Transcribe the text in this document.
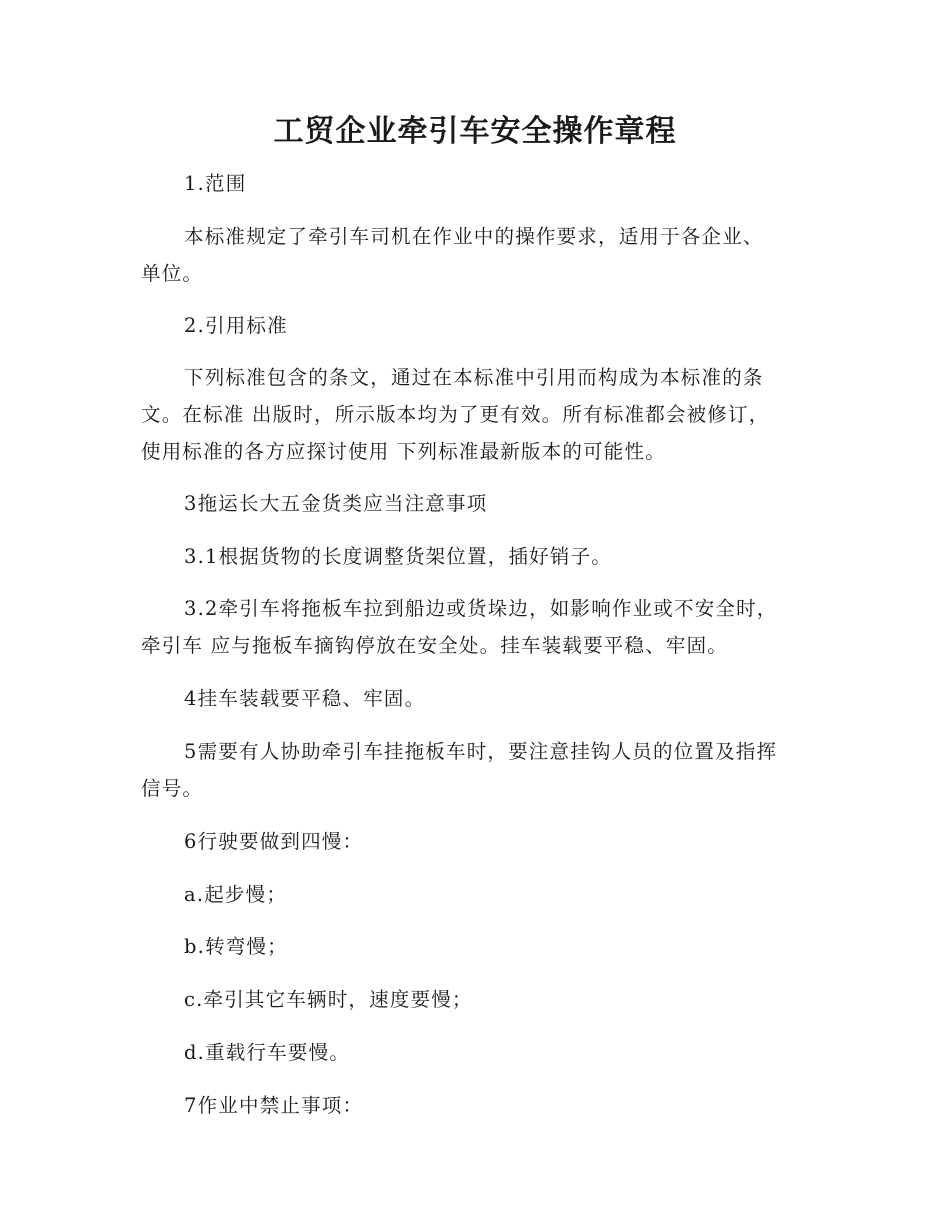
工贸企业牵引车安全操作章程

1.范围

本标准规定了牵引车司机在作业中的操作要求，适用于各企业、
单位。

2.引用标准

下列标准包含的条文，通过在本标准中引用而构成为本标准的条
文。在标准 出版时，所示版本均为了更有效。所有标准都会被修订，
使用标准的各方应探讨使用 下列标准最新版本的可能性。

3拖运长大五金货类应当注意事项

3.1根据货物的长度调整货架位置，插好销子。

3.2牵引车将拖板车拉到船边或货垛边，如影响作业或不安全时，
牵引车 应与拖板车摘钩停放在安全处。挂车装载要平稳、牢固。

4挂车装载要平稳、牢固。

5需要有人协助牵引车挂拖板车时，要注意挂钩人员的位置及指挥
信号。

6行驶要做到四慢：

a.起步慢；

b.转弯慢；

c.牵引其它车辆时，速度要慢；

d.重载行车要慢。

7作业中禁止事项：
